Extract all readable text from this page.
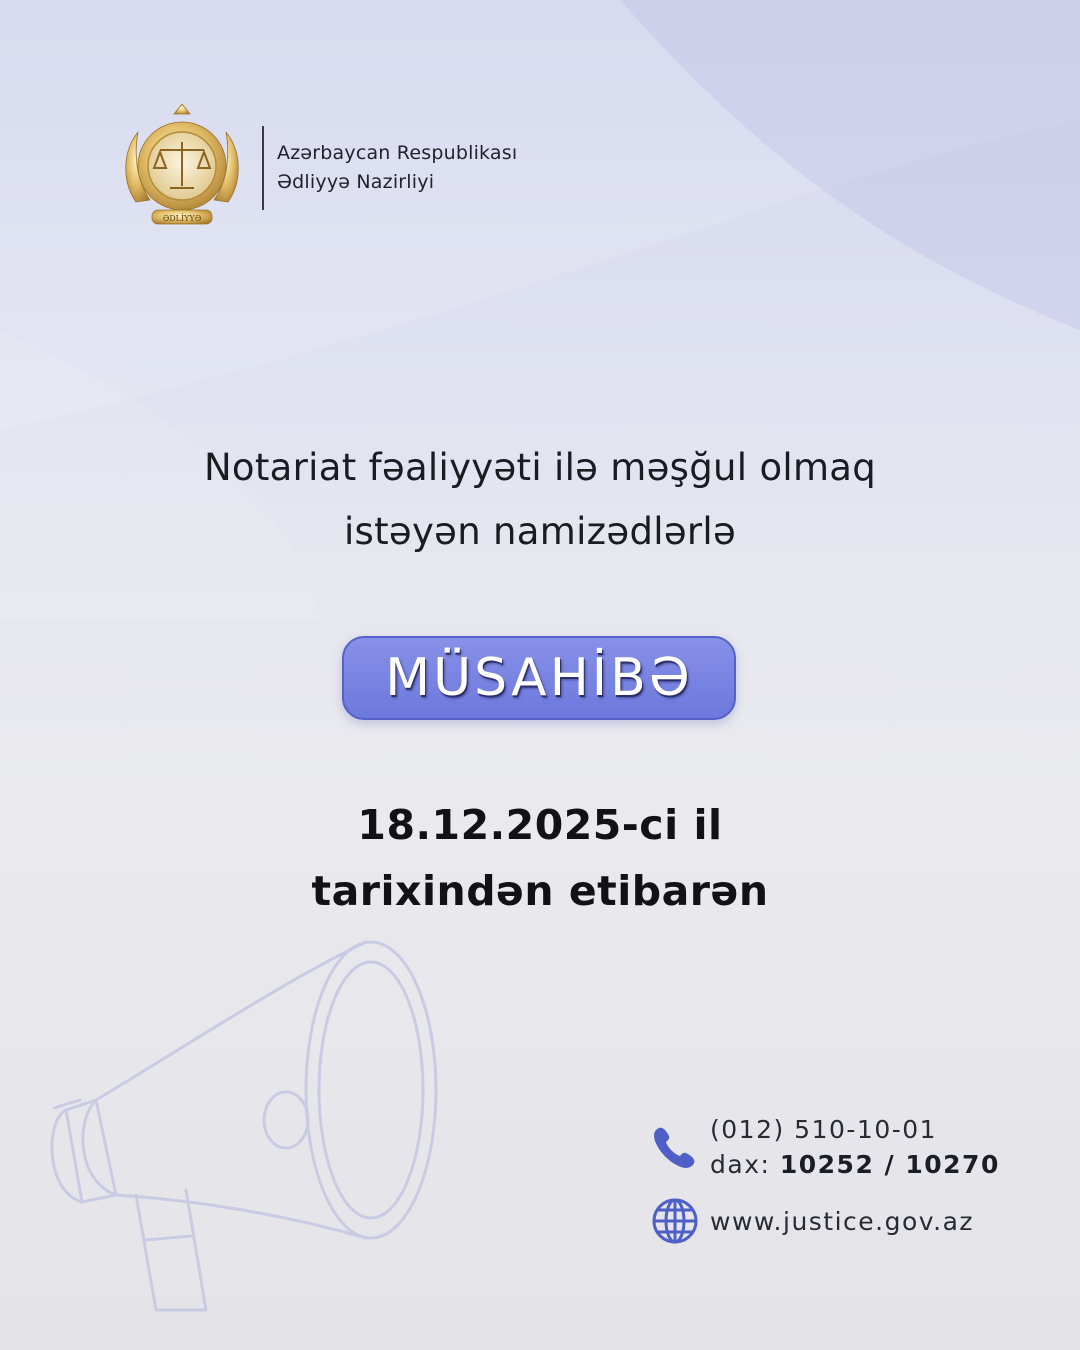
ƏDLİYYƏ
Azərbaycan Respublikası
Ədliyyə Nazirliyi
Notariat fəaliyyəti ilə məşğul olmaq
istəyən namizədlərlə
MÜSAHİBƏ
18.12.2025-ci il
tarixindən etibarən
(012) 510-10-01
dax: 10252 / 10270
www.justice.gov.az
